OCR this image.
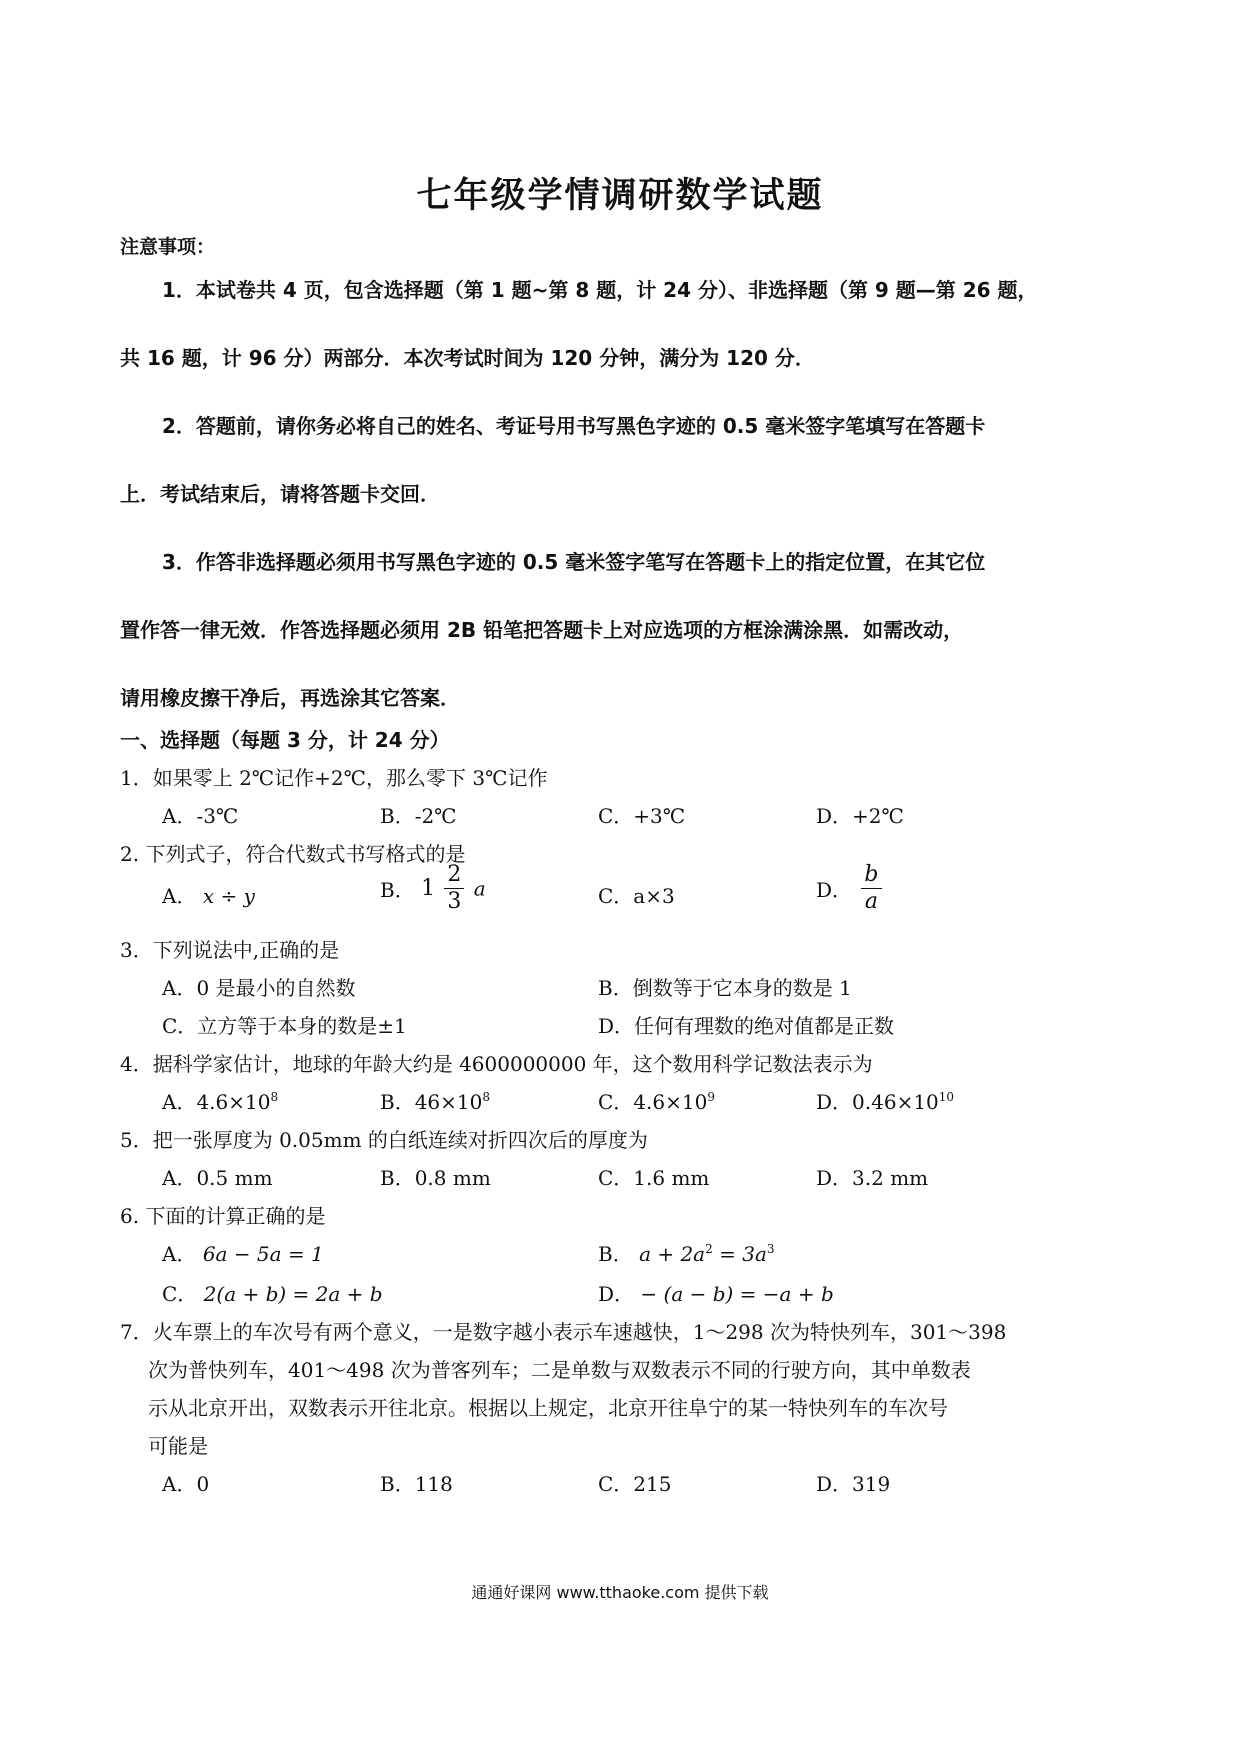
七年级学情调研数学试题
注意事项：
1．本试卷共 4 页，包含选择题（第 1 题~第 8 题，计 24 分）、非选择题（第 9 题—第 26 题，
共 16 题，计 96 分）两部分．本次考试时间为 120 分钟，满分为 120 分．
2．答题前，请你务必将自己的姓名、考证号用书写黑色字迹的 0.5 毫米签字笔填写在答题卡
上．考试结束后，请将答题卡交回．
3．作答非选择题必须用书写黑色字迹的 0.5 毫米签字笔写在答题卡上的指定位置，在其它位
置作答一律无效．作答选择题必须用 2B 铅笔把答题卡上对应选项的方框涂满涂黑．如需改动，
请用橡皮擦干净后，再选涂其它答案．
一、选择题（每题 3 分，计 24 分）
1．如果零上 2℃记作+2℃，那么零下 3℃记作
A．-3℃	B．-2℃	C．+3℃	D．+2℃
2. 下列式子，符合代数式书写格式的是
A． x ÷ y	B． $1 \frac{2}{3}$ a	C．a×3	D． $\frac{b}{a}$
3．下列说法中,正确的是
A．0 是最小的自然数	B．倒数等于它本身的数是 1
C．立方等于本身的数是±1	D．任何有理数的绝对值都是正数
4．据科学家估计，地球的年龄大约是 4600000000 年，这个数用科学记数法表示为
A．$4.6\times 10^8$	B．$46\times 10^8$	C．$4.6\times 10^9$	D．$0.46\times 10^{10}$
5．把一张厚度为 0.05mm 的白纸连续对折四次后的厚度为
A．0.5 mm	B．0.8 mm	C．1.6 mm	D．3.2 mm
6. 下面的计算正确的是
A． 6a − 5a = 1	B． $a + 2a^2 = 3a^3$
C． 2(a + b) = 2a + b	D． − (a − b) = −a + b
7．火车票上的车次号有两个意义，一是数字越小表示车速越快，1～298 次为特快列车，301～398
次为普快列车，401～498 次为普客列车；二是单数与双数表示不同的行驶方向，其中单数表
示从北京开出，双数表示开往北京。根据以上规定，北京开往阜宁的某一特快列车的车次号
可能是
A．0	B．118	C．215	D．319
通通好课网 www.tthaoke.com 提供下载
